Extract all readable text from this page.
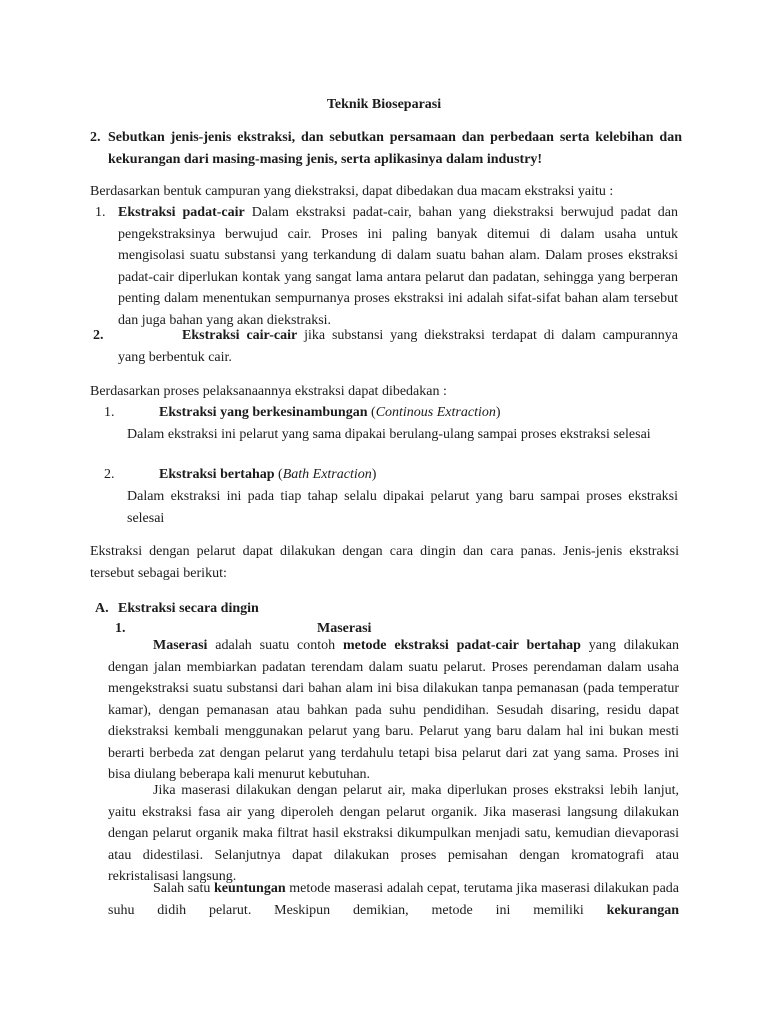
Teknik Bioseparasi
2. Sebutkan jenis-jenis ekstraksi, dan sebutkan persamaan dan perbedaan serta kelebihan dan kekurangan dari masing-masing jenis, serta aplikasinya dalam industry!

Berdasarkan bentuk campuran yang diekstraksi, dapat dibedakan dua macam ekstraksi yaitu :

1. Ekstraksi padat-cair Dalam ekstraksi padat-cair, bahan yang diekstraksi berwujud padat dan pengekstraksinya berwujud cair. Proses ini paling banyak ditemui di dalam usaha untuk mengisolasi suatu substansi yang terkandung di dalam suatu bahan alam. Dalam proses ekstraksi padat-cair diperlukan kontak yang sangat lama antara pelarut dan padatan, sehingga yang berperan penting dalam menentukan sempurnanya proses ekstraksi ini adalah sifat-sifat bahan alam tersebut dan juga bahan yang akan diekstraksi.

2.	Ekstraksi cair-cair jika substansi yang diekstraksi terdapat di dalam campurannya yang berbentuk cair.

Berdasarkan proses pelaksanaannya ekstraksi dapat dibedakan :

1.	Ekstraksi yang berkesinambungan (Continous Extraction)

Dalam ekstraksi ini pelarut yang sama dipakai berulang-ulang sampai proses ekstraksi selesai

2.	Ekstraksi bertahap (Bath Extraction)

Dalam ekstraksi ini pada tiap tahap selalu dipakai pelarut yang baru sampai proses ekstraksi selesai

Ekstraksi dengan pelarut dapat dilakukan dengan cara dingin dan cara panas. Jenis-jenis ekstraksi tersebut sebagai berikut:

A. Ekstraksi secara dingin
1.	Maserasi

Maserasi adalah suatu contoh metode ekstraksi padat-cair bertahap yang dilakukan dengan jalan membiarkan padatan terendam dalam suatu pelarut. Proses perendaman dalam usaha mengekstraksi suatu substansi dari bahan alam ini bisa dilakukan tanpa pemanasan (pada temperatur kamar), dengan pemanasan atau bahkan pada suhu pendidihan. Sesudah disaring, residu dapat diekstraksi kembali menggunakan pelarut yang baru. Pelarut yang baru dalam hal ini bukan mesti berarti berbeda zat dengan pelarut yang terdahulu tetapi bisa pelarut dari zat yang sama. Proses ini bisa diulang beberapa kali menurut kebutuhan.

Jika maserasi dilakukan dengan pelarut air, maka diperlukan proses ekstraksi lebih lanjut, yaitu ekstraksi fasa air yang diperoleh dengan pelarut organik. Jika maserasi langsung dilakukan dengan pelarut organik maka filtrat hasil ekstraksi dikumpulkan menjadi satu, kemudian dievaporasi atau didestilasi. Selanjutnya dapat dilakukan proses pemisahan dengan kromatografi atau rekristalisasi langsung.

Salah satu keuntungan metode maserasi adalah cepat, terutama jika maserasi dilakukan pada suhu didih pelarut. Meskipun demikian, metode ini memiliki kekurangan
